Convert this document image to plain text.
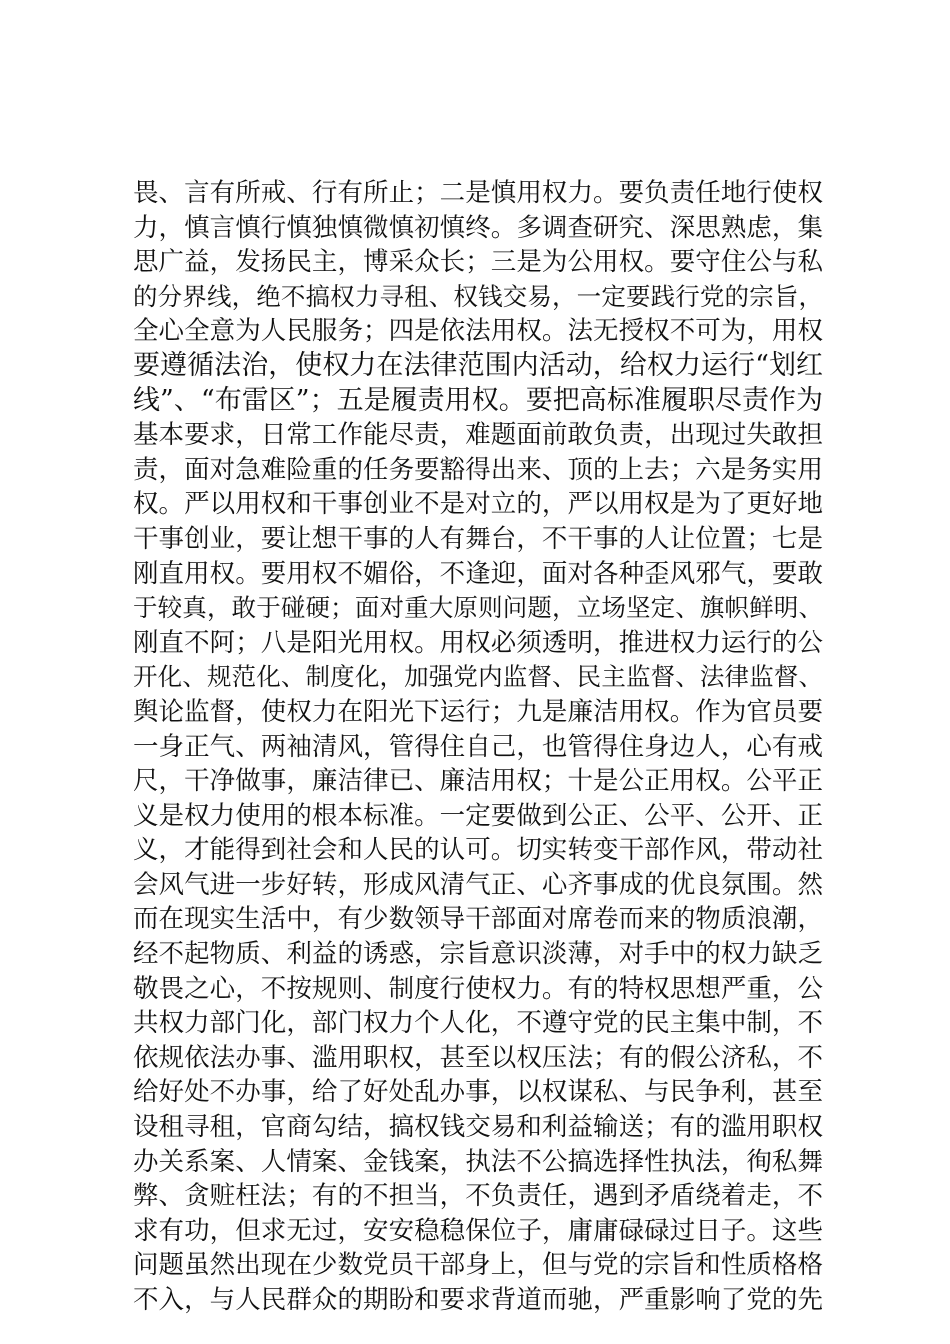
畏、言有所戒、行有所止；二是慎用权力。要负责任地行使权
力，慎言慎行慎独慎微慎初慎终。多调查研究、深思熟虑，集
思广益，发扬民主，博采众长；三是为公用权。要守住公与私
的分界线，绝不搞权力寻租、权钱交易，一定要践行党的宗旨，
全心全意为人民服务；四是依法用权。法无授权不可为，用权
要遵循法治，使权力在法律范围内活动，给权力运行“划红
线”、“布雷区”；五是履责用权。要把高标准履职尽责作为
基本要求，日常工作能尽责，难题面前敢负责，出现过失敢担
责，面对急难险重的任务要豁得出来、顶的上去；六是务实用
权。严以用权和干事创业不是对立的，严以用权是为了更好地
干事创业，要让想干事的人有舞台，不干事的人让位置；七是
刚直用权。要用权不媚俗，不逢迎，面对各种歪风邪气，要敢
于较真，敢于碰硬；面对重大原则问题，立场坚定、旗帜鲜明、
刚直不阿；八是阳光用权。用权必须透明，推进权力运行的公
开化、规范化、制度化，加强党内监督、民主监督、法律监督、
舆论监督，使权力在阳光下运行；九是廉洁用权。作为官员要
一身正气、两袖清风，管得住自己，也管得住身边人，心有戒
尺，干净做事，廉洁律已、廉洁用权；十是公正用权。公平正
义是权力使用的根本标准。一定要做到公正、公平、公开、正
义，才能得到社会和人民的认可。切实转变干部作风，带动社
会风气进一步好转，形成风清气正、心齐事成的优良氛围。然
而在现实生活中，有少数领导干部面对席卷而来的物质浪潮，
经不起物质、利益的诱惑，宗旨意识淡薄，对手中的权力缺乏
敬畏之心，不按规则、制度行使权力。有的特权思想严重，公
共权力部门化，部门权力个人化，不遵守党的民主集中制，不
依规依法办事、滥用职权，甚至以权压法；有的假公济私，不
给好处不办事，给了好处乱办事，以权谋私、与民争利，甚至
设租寻租，官商勾结，搞权钱交易和利益输送；有的滥用职权
办关系案、人情案、金钱案，执法不公搞选择性执法，徇私舞
弊、贪赃枉法；有的不担当，不负责任，遇到矛盾绕着走，不
求有功，但求无过，安安稳稳保位子，庸庸碌碌过日子。这些
问题虽然出现在少数党员干部身上，但与党的宗旨和性质格格
不入，与人民群众的期盼和要求背道而驰，严重影响了党的先
